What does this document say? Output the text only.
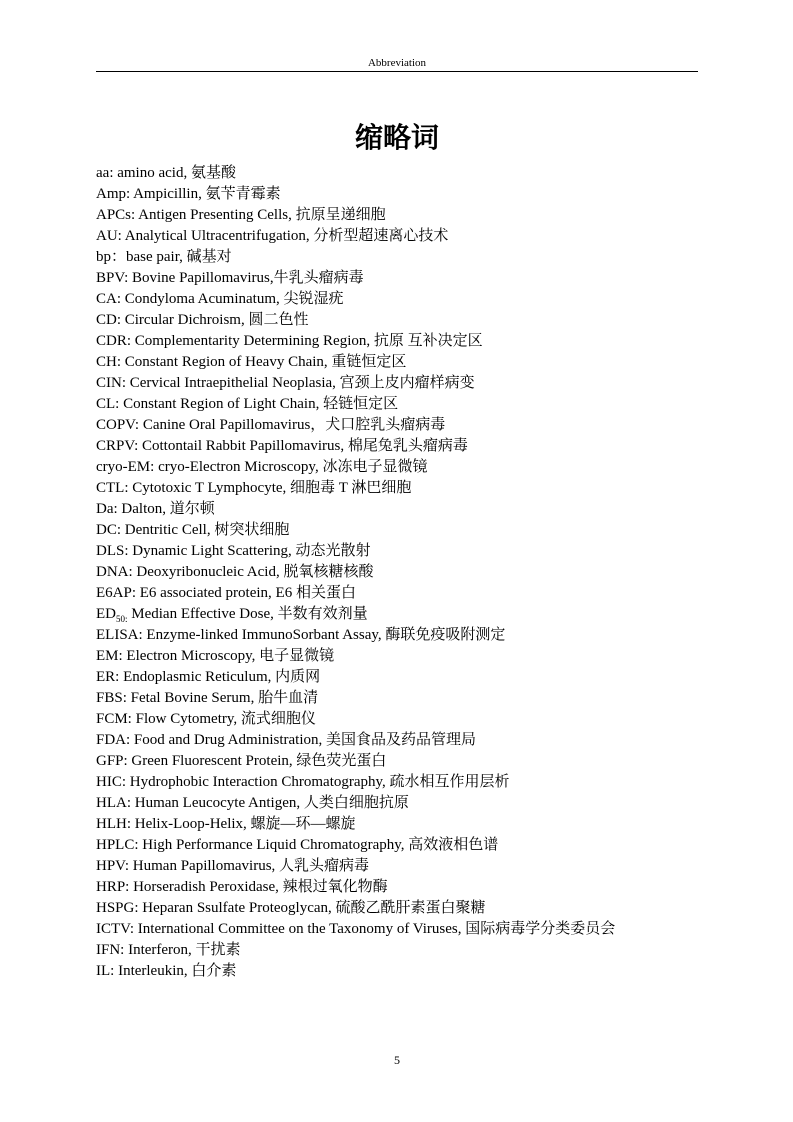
Abbreviation
缩略词
aa: amino acid, 氨基酸
Amp: Ampicillin, 氨苄青霉素
APCs: Antigen Presenting Cells, 抗原呈递细胞
AU: Analytical Ultracentrifugation, 分析型超速离心技术
bp：base pair, 碱基对
BPV: Bovine Papillomavirus,牛乳头瘤病毒
CA: Condyloma Acuminatum, 尖锐湿疣
CD: Circular Dichroism, 圆二色性
CDR: Complementarity Determining Region, 抗原 互补决定区
CH: Constant Region of Heavy Chain, 重链恒定区
CIN: Cervical Intraepithelial Neoplasia, 宫颈上皮内瘤样病变
CL: Constant Region of Light Chain, 轻链恒定区
COPV: Canine Oral Papillomavirus，犬口腔乳头瘤病毒
CRPV: Cottontail Rabbit Papillomavirus, 棉尾兔乳头瘤病毒
cryo-EM: cryo-Electron Microscopy, 冰冻电子显微镜
CTL: Cytotoxic T Lymphocyte, 细胞毒 T 淋巴细胞
Da: Dalton, 道尔顿
DC: Dentritic Cell, 树突状细胞
DLS: Dynamic Light Scattering, 动态光散射
DNA: Deoxyribonucleic Acid, 脱氧核糖核酸
E6AP: E6 associated protein, E6 相关蛋白
$ED_{50:}$ Median Effective Dose, 半数有效剂量
ELISA: Enzyme-linked ImmunoSorbant Assay, 酶联免疫吸附测定
EM: Electron Microscopy, 电子显微镜
ER: Endoplasmic Reticulum, 内质网
FBS: Fetal Bovine Serum, 胎牛血清
FCM: Flow Cytometry, 流式细胞仪
FDA: Food and Drug Administration, 美国食品及药品管理局
GFP: Green Fluorescent Protein, 绿色荧光蛋白
HIC: Hydrophobic Interaction Chromatography, 疏水相互作用层析
HLA: Human Leucocyte Antigen, 人类白细胞抗原
HLH: Helix-Loop-Helix, 螺旋—环—螺旋
HPLC: High Performance Liquid Chromatography, 高效液相色谱
HPV: Human Papillomavirus, 人乳头瘤病毒
HRP: Horseradish Peroxidase, 辣根过氧化物酶
HSPG: Heparan Ssulfate Proteoglycan, 硫酸乙酰肝素蛋白聚糖
ICTV: International Committee on the Taxonomy of Viruses, 国际病毒学分类委员会
IFN: Interferon, 干扰素
IL: Interleukin, 白介素
5
